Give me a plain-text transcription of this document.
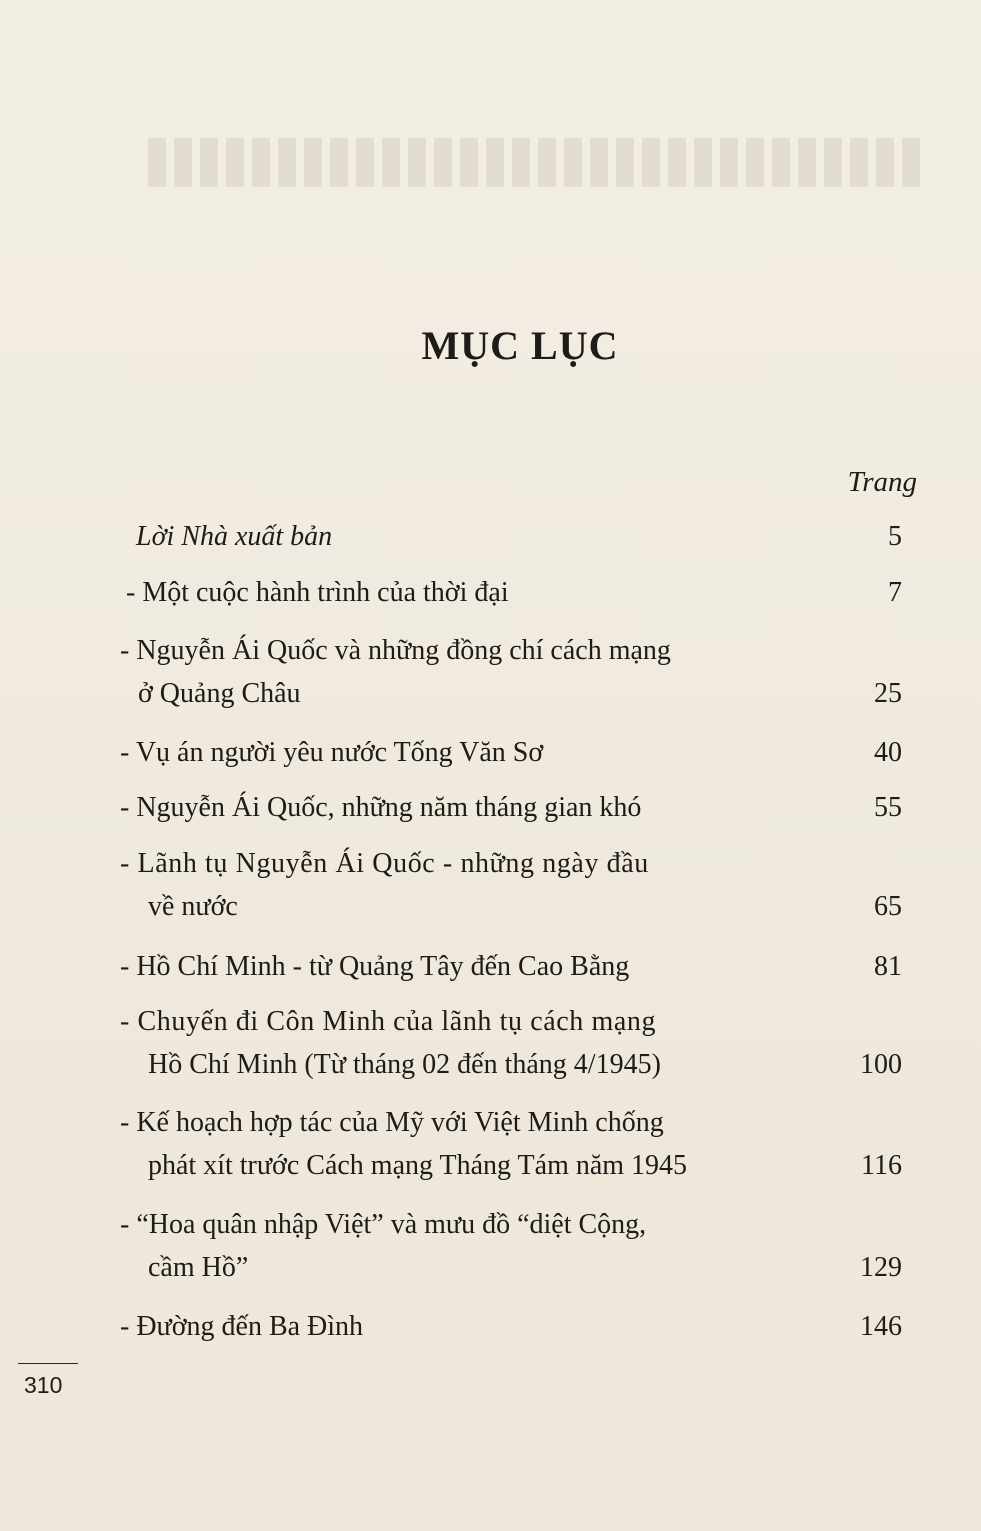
MỤC LỤC
Trang
Lời Nhà xuất bản	5
- Một cuộc hành trình của thời đại	7
- Nguyễn Ái Quốc và những đồng chí cách mạng
ở Quảng Châu	25
- Vụ án người yêu nước Tống Văn Sơ	40
- Nguyễn Ái Quốc, những năm tháng gian khó	55
- Lãnh tụ Nguyễn Ái Quốc - những ngày đầu
về nước	65
- Hồ Chí Minh - từ Quảng Tây đến Cao Bằng	81
- Chuyến đi Côn Minh của lãnh tụ cách mạng
Hồ Chí Minh (Từ tháng 02 đến tháng 4/1945)	100
- Kế hoạch hợp tác của Mỹ với Việt Minh chống
phát xít trước Cách mạng Tháng Tám năm 1945	116
- “Hoa quân nhập Việt” và mưu đồ “diệt Cộng,
cầm Hồ”	129
- Đường đến Ba Đình	146
310
